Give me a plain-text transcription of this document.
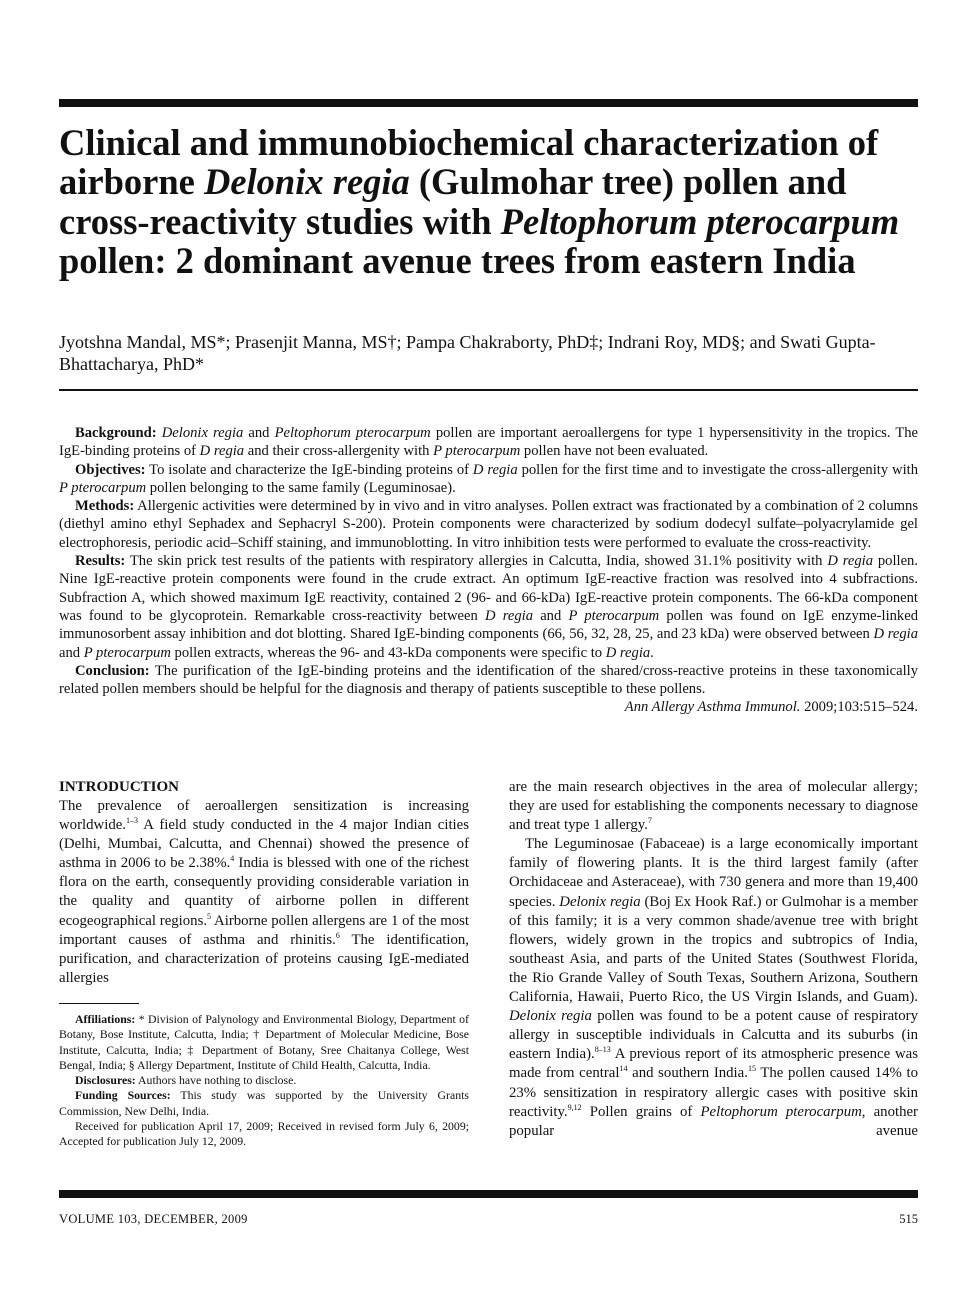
Clinical and immunobiochemical characterization of airborne Delonix regia (Gulmohar tree) pollen and cross-reactivity studies with Peltophorum pterocarpum pollen: 2 dominant avenue trees from eastern India

Jyotshna Mandal, MS*; Prasenjit Manna, MS†; Pampa Chakraborty, PhD‡; Indrani Roy, MD§; and Swati Gupta-Bhattacharya, PhD*

Background: Delonix regia and Peltophorum pterocarpum pollen are important aeroallergens for type 1 hypersensitivity in the tropics. The IgE-binding proteins of D regia and their cross-allergenity with P pterocarpum pollen have not been evaluated.

Objectives: To isolate and characterize the IgE-binding proteins of D regia pollen for the first time and to investigate the cross-allergenity with P pterocarpum pollen belonging to the same family (Leguminosae).

Methods: Allergenic activities were determined by in vivo and in vitro analyses. Pollen extract was fractionated by a combination of 2 columns (diethyl amino ethyl Sephadex and Sephacryl S-200). Protein components were characterized by sodium dodecyl sulfate–polyacrylamide gel electrophoresis, periodic acid–Schiff staining, and immunoblotting. In vitro inhibition tests were performed to evaluate the cross-reactivity.

Results: The skin prick test results of the patients with respiratory allergies in Calcutta, India, showed 31.1% positivity with D regia pollen. Nine IgE-reactive protein components were found in the crude extract. An optimum IgE-reactive fraction was resolved into 4 subfractions. Subfraction A, which showed maximum IgE reactivity, contained 2 (96- and 66-kDa) IgE-reactive protein components. The 66-kDa component was found to be glycoprotein. Remarkable cross-reactivity between D regia and P pterocarpum pollen was found on IgE enzyme-linked immunosorbent assay inhibition and dot blotting. Shared IgE-binding components (66, 56, 32, 28, 25, and 23 kDa) were observed between D regia and P pterocarpum pollen extracts, whereas the 96- and 43-kDa components were specific to D regia.

Conclusion: The purification of the IgE-binding proteins and the identification of the shared/cross-reactive proteins in these taxonomically related pollen members should be helpful for the diagnosis and therapy of patients susceptible to these pollens.

Ann Allergy Asthma Immunol. 2009;103:515–524.

INTRODUCTION

The prevalence of aeroallergen sensitization is increasing worldwide.$^{1-3}$ A field study conducted in the 4 major Indian cities (Delhi, Mumbai, Calcutta, and Chennai) showed the presence of asthma in 2006 to be 2.38%.$^4$ India is blessed with one of the richest flora on the earth, consequently providing considerable variation in the quality and quantity of airborne pollen in different ecogeographical regions.$^5$ Airborne pollen allergens are 1 of the most important causes of asthma and rhinitis.$^6$ The identification, purification, and characterization of proteins causing IgE-mediated allergies

Affiliations: * Division of Palynology and Environmental Biology, Department of Botany, Bose Institute, Calcutta, India; † Department of Molecular Medicine, Bose Institute, Calcutta, India; ‡ Department of Botany, Sree Chaitanya College, West Bengal, India; § Allergy Department, Institute of Child Health, Calcutta, India.

Disclosures: Authors have nothing to disclose.

Funding Sources: This study was supported by the University Grants Commission, New Delhi, India.

Received for publication April 17, 2009; Received in revised form July 6, 2009; Accepted for publication July 12, 2009.

are the main research objectives in the area of molecular allergy; they are used for establishing the components necessary to diagnose and treat type 1 allergy.$^7$

The Leguminosae (Fabaceae) is a large economically important family of flowering plants. It is the third largest family (after Orchidaceae and Asteraceae), with 730 genera and more than 19,400 species. Delonix regia (Boj Ex Hook Raf.) or Gulmohar is a member of this family; it is a very common shade/avenue tree with bright flowers, widely grown in the tropics and subtropics of India, southeast Asia, and parts of the United States (Southwest Florida, the Rio Grande Valley of South Texas, Southern Arizona, Southern California, Hawaii, Puerto Rico, the US Virgin Islands, and Guam). Delonix regia pollen was found to be a potent cause of respiratory allergy in susceptible individuals in Calcutta and its suburbs (in eastern India).$^{8-13}$ A previous report of its atmospheric presence was made from central$^{14}$ and southern India.$^{15}$ The pollen caused 14% to 23% sensitization in respiratory allergic cases with positive skin reactivity.$^{9,12}$ Pollen grains of Peltophorum pterocarpum, another popular avenue

VOLUME 103, DECEMBER, 2009	515
